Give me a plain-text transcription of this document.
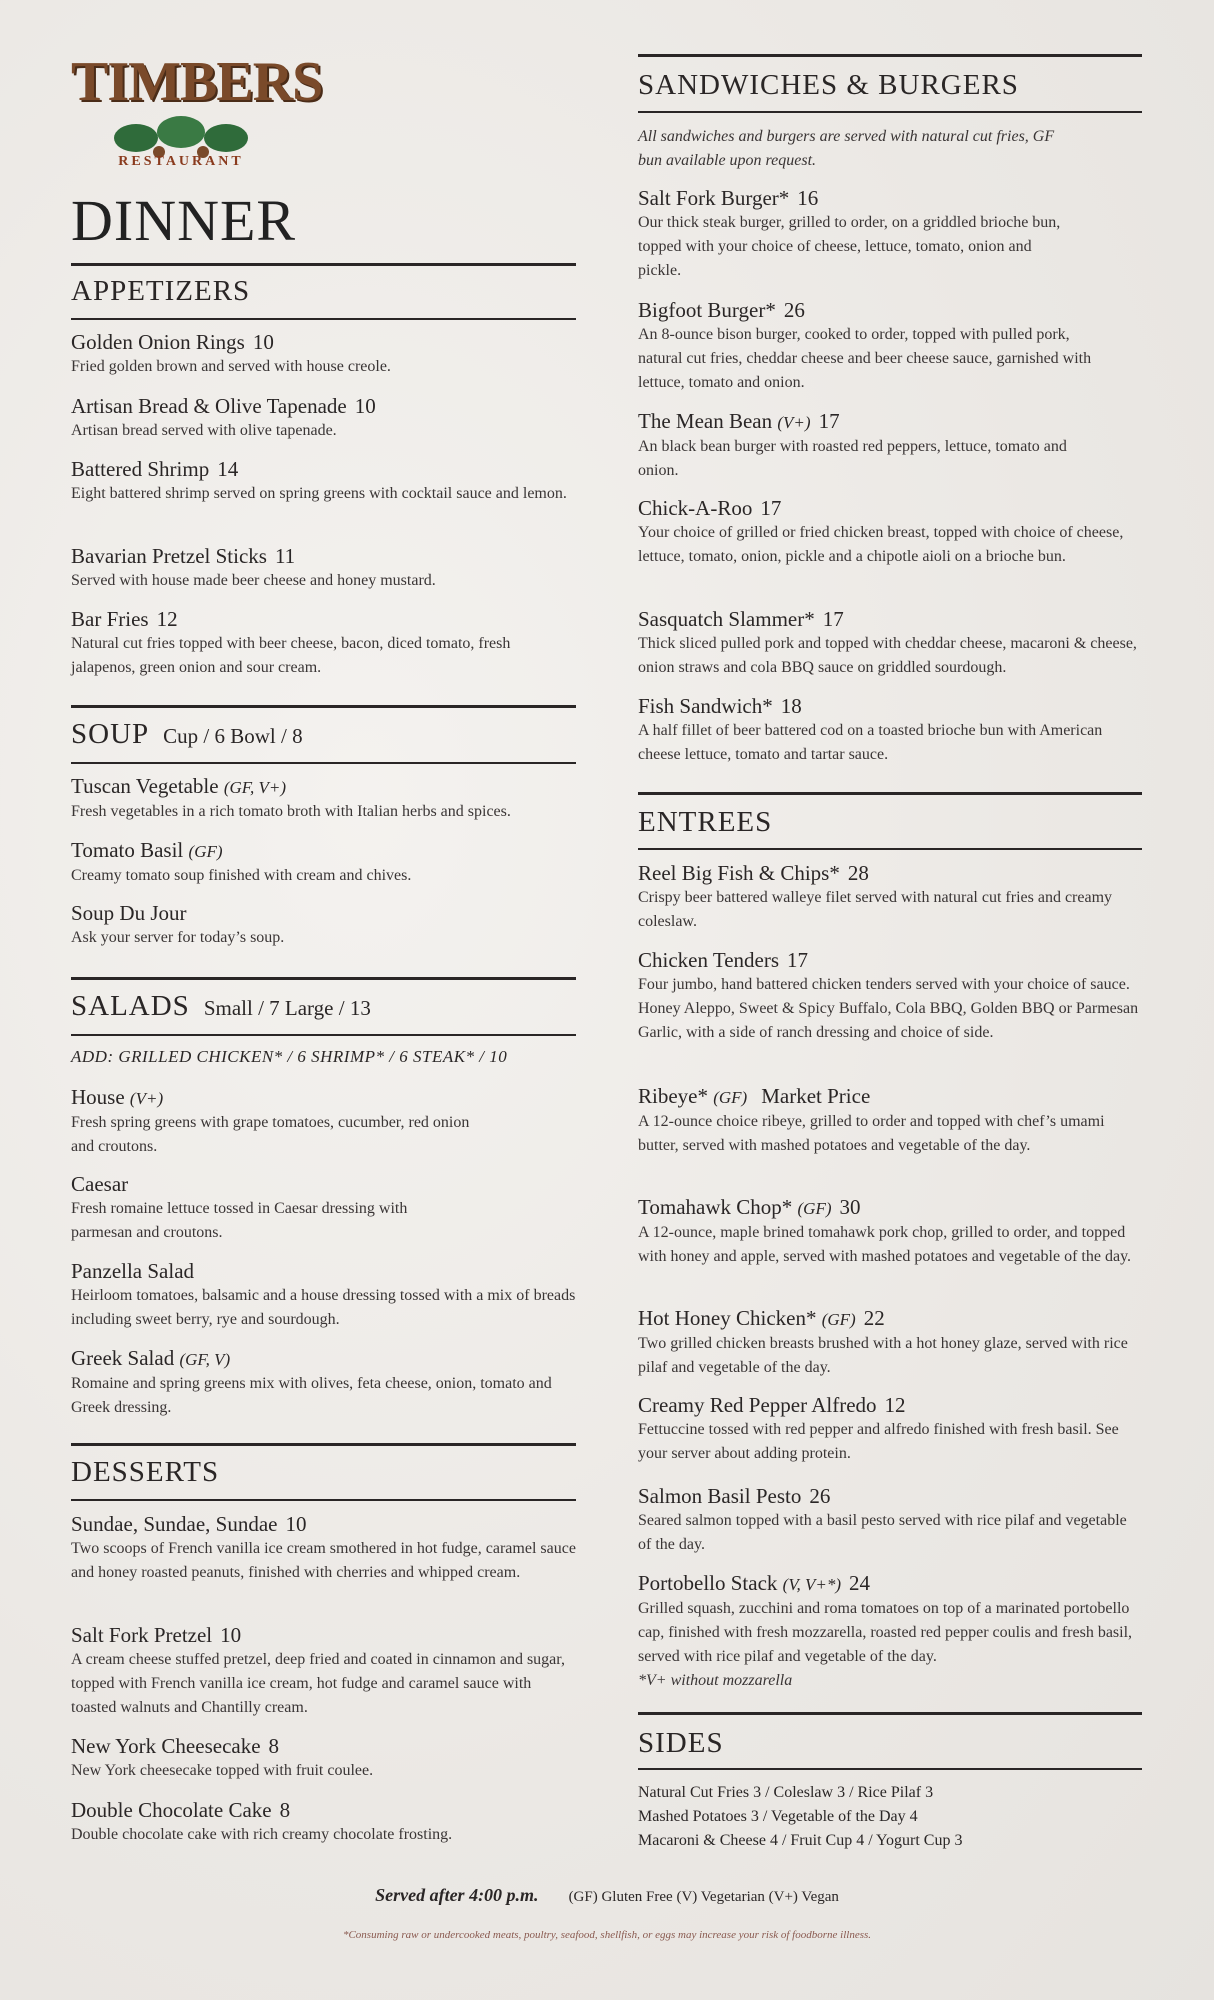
TIMBERS
RESTAURANT
DINNER
APPETIZERS
Golden Onion Rings 10
Fried golden brown and served with house creole.
Artisan Bread & Olive Tapenade 10
Artisan bread served with olive tapenade.
Battered Shrimp 14
Eight battered shrimp served on spring greens with cocktail sauce and lemon.
Bavarian Pretzel Sticks 11
Served with house made beer cheese and honey mustard.
Bar Fries 12
Natural cut fries topped with beer cheese, bacon, diced tomato, fresh jalapenos, green onion and sour cream.
SOUP Cup / 6 Bowl / 8
Tuscan Vegetable (GF, V+)
Fresh vegetables in a rich tomato broth with Italian herbs and spices.
Tomato Basil (GF)
Creamy tomato soup finished with cream and chives.
Soup Du Jour
Ask your server for today’s soup.
SALADS Small / 7 Large / 13
ADD: GRILLED CHICKEN* / 6 SHRIMP* / 6 STEAK* / 10
House (V+)
Fresh spring greens with grape tomatoes, cucumber, red onion and croutons.
Caesar
Fresh romaine lettuce tossed in Caesar dressing with parmesan and croutons.
Panzella Salad
Heirloom tomatoes, balsamic and a house dressing tossed with a mix of breads including sweet berry, rye and sourdough.
Greek Salad (GF, V)
Romaine and spring greens mix with olives, feta cheese, onion, tomato and Greek dressing.
DESSERTS
Sundae, Sundae, Sundae 10
Two scoops of French vanilla ice cream smothered in hot fudge, caramel sauce and honey roasted peanuts, finished with cherries and whipped cream.
Salt Fork Pretzel 10
A cream cheese stuffed pretzel, deep fried and coated in cinnamon and sugar, topped with French vanilla ice cream, hot fudge and caramel sauce with toasted walnuts and Chantilly cream.
New York Cheesecake 8
New York cheesecake topped with fruit coulee.
Double Chocolate Cake 8
Double chocolate cake with rich creamy chocolate frosting.
SANDWICHES & BURGERS
All sandwiches and burgers are served with natural cut fries, GF bun available upon request.
Salt Fork Burger* 16
Our thick steak burger, grilled to order, on a griddled brioche bun, topped with your choice of cheese, lettuce, tomato, onion and pickle.
Bigfoot Burger* 26
An 8-ounce bison burger, cooked to order, topped with pulled pork, natural cut fries, cheddar cheese and beer cheese sauce, garnished with lettuce, tomato and onion.
The Mean Bean (V+) 17
An black bean burger with roasted red peppers, lettuce, tomato and onion.
Chick-A-Roo 17
Your choice of grilled or fried chicken breast, topped with choice of cheese, lettuce, tomato, onion, pickle and a chipotle aioli on a brioche bun.
Sasquatch Slammer* 17
Thick sliced pulled pork and topped with cheddar cheese, macaroni & cheese, onion straws and cola BBQ sauce on griddled sourdough.
Fish Sandwich* 18
A half fillet of beer battered cod on a toasted brioche bun with American cheese lettuce, tomato and tartar sauce.
ENTREES
Reel Big Fish & Chips* 28
Crispy beer battered walleye filet served with natural cut fries and creamy coleslaw.
Chicken Tenders 17
Four jumbo, hand battered chicken tenders served with your choice of sauce. Honey Aleppo, Sweet & Spicy Buffalo, Cola BBQ, Golden BBQ or Parmesan Garlic, with a side of ranch dressing and choice of side.
Ribeye* (GF) Market Price
A 12-ounce choice ribeye, grilled to order and topped with chef’s umami butter, served with mashed potatoes and vegetable of the day.
Tomahawk Chop* (GF) 30
A 12-ounce, maple brined tomahawk pork chop, grilled to order, and topped with honey and apple, served with mashed potatoes and vegetable of the day.
Hot Honey Chicken* (GF) 22
Two grilled chicken breasts brushed with a hot honey glaze, served with rice pilaf and vegetable of the day.
Creamy Red Pepper Alfredo 12
Fettuccine tossed with red pepper and alfredo finished with fresh basil. See your server about adding protein.
Salmon Basil Pesto 26
Seared salmon topped with a basil pesto served with rice pilaf and vegetable of the day.
Portobello Stack (V, V+*) 24
Grilled squash, zucchini and roma tomatoes on top of a marinated portobello cap, finished with fresh mozzarella, roasted red pepper coulis and fresh basil, served with rice pilaf and vegetable of the day.
*V+ without mozzarella
SIDES
Natural Cut Fries 3 / Coleslaw 3 / Rice Pilaf 3
Mashed Potatoes 3 / Vegetable of the Day 4
Macaroni & Cheese 4 / Fruit Cup 4 / Yogurt Cup 3
Served after 4:00 p.m. (GF) Gluten Free (V) Vegetarian (V+) Vegan
*Consuming raw or undercooked meats, poultry, seafood, shellfish, or eggs may increase your risk of foodborne illness.
